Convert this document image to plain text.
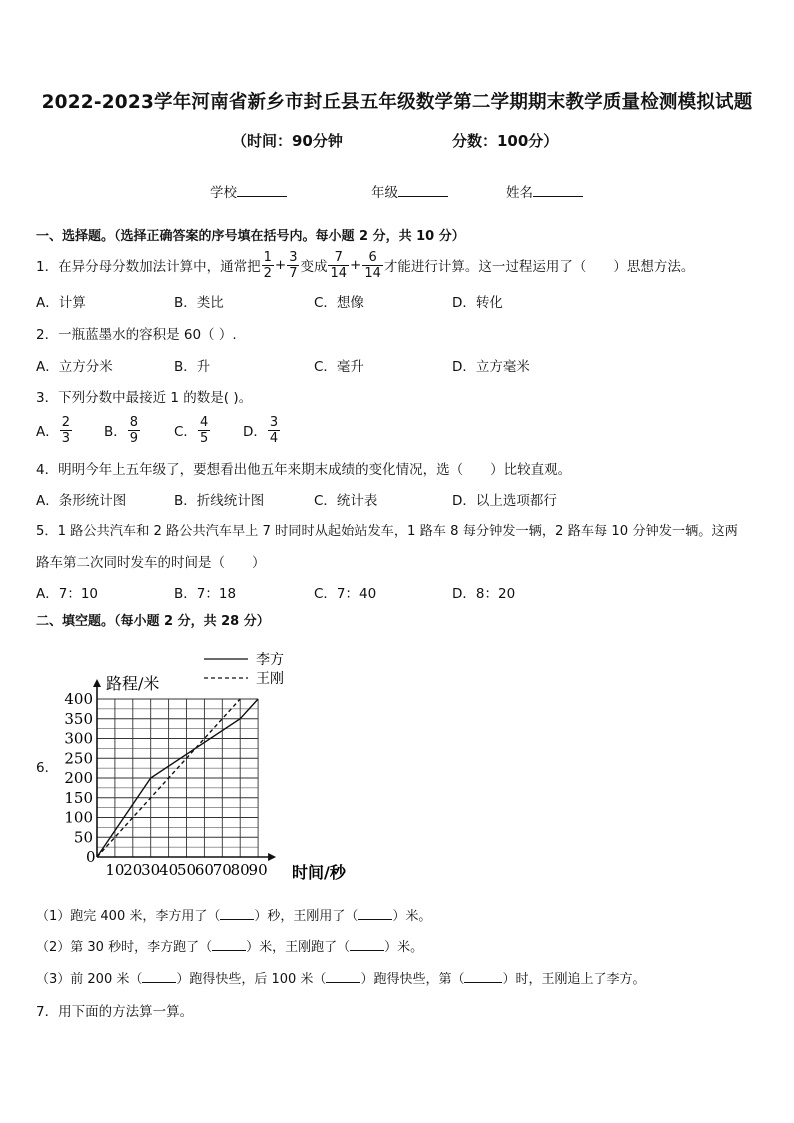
2022-2023学年河南省新乡市封丘县五年级数学第二学期期末教学质量检测模拟试题
（时间：90分钟	分数：100分）
学校	年级	姓名
一、选择题。（选择正确答案的序号填在括号内。每小题 2 分，共 10 分）
1．在异分母分数加法计算中，通常把 $\frac{1}{2} + \frac{3}{7}$ 变成 $\frac{7}{14} + \frac{6}{14}$ 才能进行计算。这一过程运用了（　　）思想方法。
A．计算	B．类比	C．想像	D．转化
2．一瓶蓝墨水的容积是 60（ ）.
A．立方分米	B．升	C．毫升	D．立方毫米
3．下列分数中最接近 1 的数是( )。
A． $\frac{2}{3}$ B． $\frac{8}{9}$	C． $\frac{4}{5}$ D． $\frac{3}{4}$
4．明明今年上五年级了，要想看出他五年来期末成绩的变化情况，选（　　）比较直观。
A．条形统计图	B．折线统计图	C．统计表	D．以上选项都行
5．1 路公共汽车和 2 路公共汽车早上 7 时同时从起始站发车，1 路车 8 每分钟发一辆，2 路车每 10 分钟发一辆。这两
路车第二次同时发车的时间是（　　）
A．7：10	B．7：18	C．7：40	D．8：20
二、填空题。（每小题 2 分，共 28 分）
6．
50
100
150
200
250
300
350
400
10
20
30
40
50
60
70
80
90
李方
王刚
路程/米
时间/秒
0
（1）跑完 400 米，李方用了（	）秒，王刚用了（	）米。
（2）第 30 秒时，李方跑了（	）米，王刚跑了（	）米。
（3）前 200 米（	）跑得快些，后 100 米（	）跑得快些，第（	）时，王刚追上了李方。
7．用下面的方法算一算。
